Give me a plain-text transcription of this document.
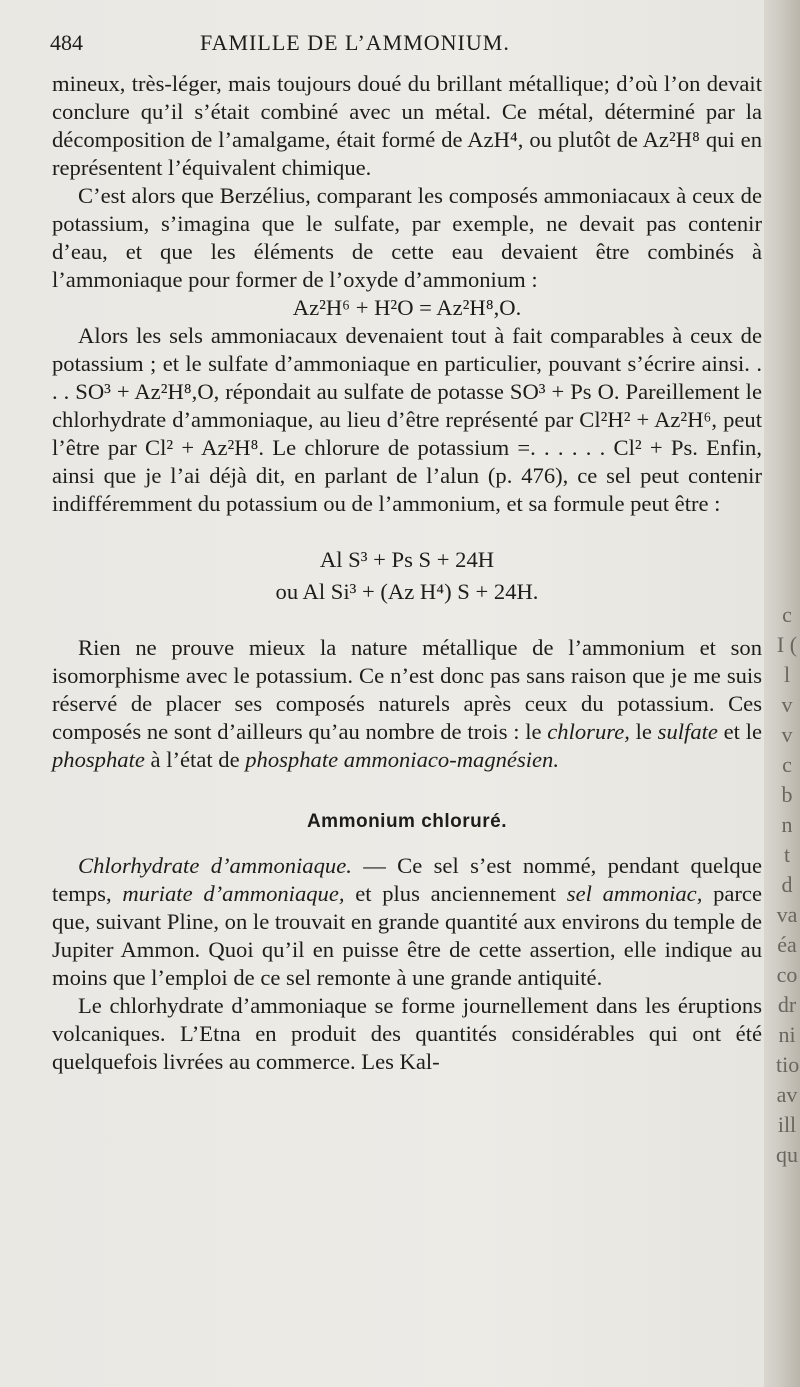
c I ( l v v c b n t d va éa co dr ni tio av ill qu
484	FAMILLE DE L’AMMONIUM.

mineux, très-léger, mais toujours doué du brillant métallique; d’où l’on devait conclure qu’il s’était combiné avec un métal. Ce métal, déterminé par la décomposition de l’amalgame, était formé de AzH⁴, ou plutôt de Az²H⁸ qui en représentent l’équivalent chimique.

C’est alors que Berzélius, comparant les composés ammoniacaux à ceux de potassium, s’imagina que le sulfate, par exemple, ne devait pas contenir d’eau, et que les éléments de cette eau devaient être combinés à l’ammoniaque pour former de l’oxyde d’ammonium :

Az²H⁶ + H²O = Az²H⁸,O.

Alors les sels ammoniacaux devenaient tout à fait comparables à ceux de potassium ; et le sulfate d’ammoniaque en particulier, pouvant s’écrire ainsi. . . . SO³ + Az²H⁸,O, répondait au sulfate de potasse SO³ + Ps O. Pareillement le chlorhydrate d’ammoniaque, au lieu d’être représenté par Cl²H² + Az²H⁶, peut l’être par Cl² + Az²H⁸. Le chlorure de potassium =. . . . . . Cl² + Ps. Enfin, ainsi que je l’ai déjà dit, en parlant de l’alun (p. 476), ce sel peut contenir indifféremment du potassium ou de l’ammonium, et sa formule peut être :

Al S³ + Ps S + 24H
ou Al Si³ + (Az H⁴) S + 24H.

Rien ne prouve mieux la nature métallique de l’ammonium et son isomorphisme avec le potassium. Ce n’est donc pas sans raison que je me suis réservé de placer ses composés naturels après ceux du potassium. Ces composés ne sont d’ailleurs qu’au nombre de trois : le chlorure, le sulfate et le phosphate à l’état de phosphate ammoniaco-magnésien.

Ammonium chloruré.

Chlorhydrate d’ammoniaque. — Ce sel s’est nommé, pendant quelque temps, muriate d’ammoniaque, et plus anciennement sel ammoniac, parce que, suivant Pline, on le trouvait en grande quantité aux environs du temple de Jupiter Ammon. Quoi qu’il en puisse être de cette assertion, elle indique au moins que l’emploi de ce sel remonte à une grande antiquité.

Le chlorhydrate d’ammoniaque se forme journellement dans les éruptions volcaniques. L’Etna en produit des quantités considérables qui ont été quelquefois livrées au commerce. Les Kal-
